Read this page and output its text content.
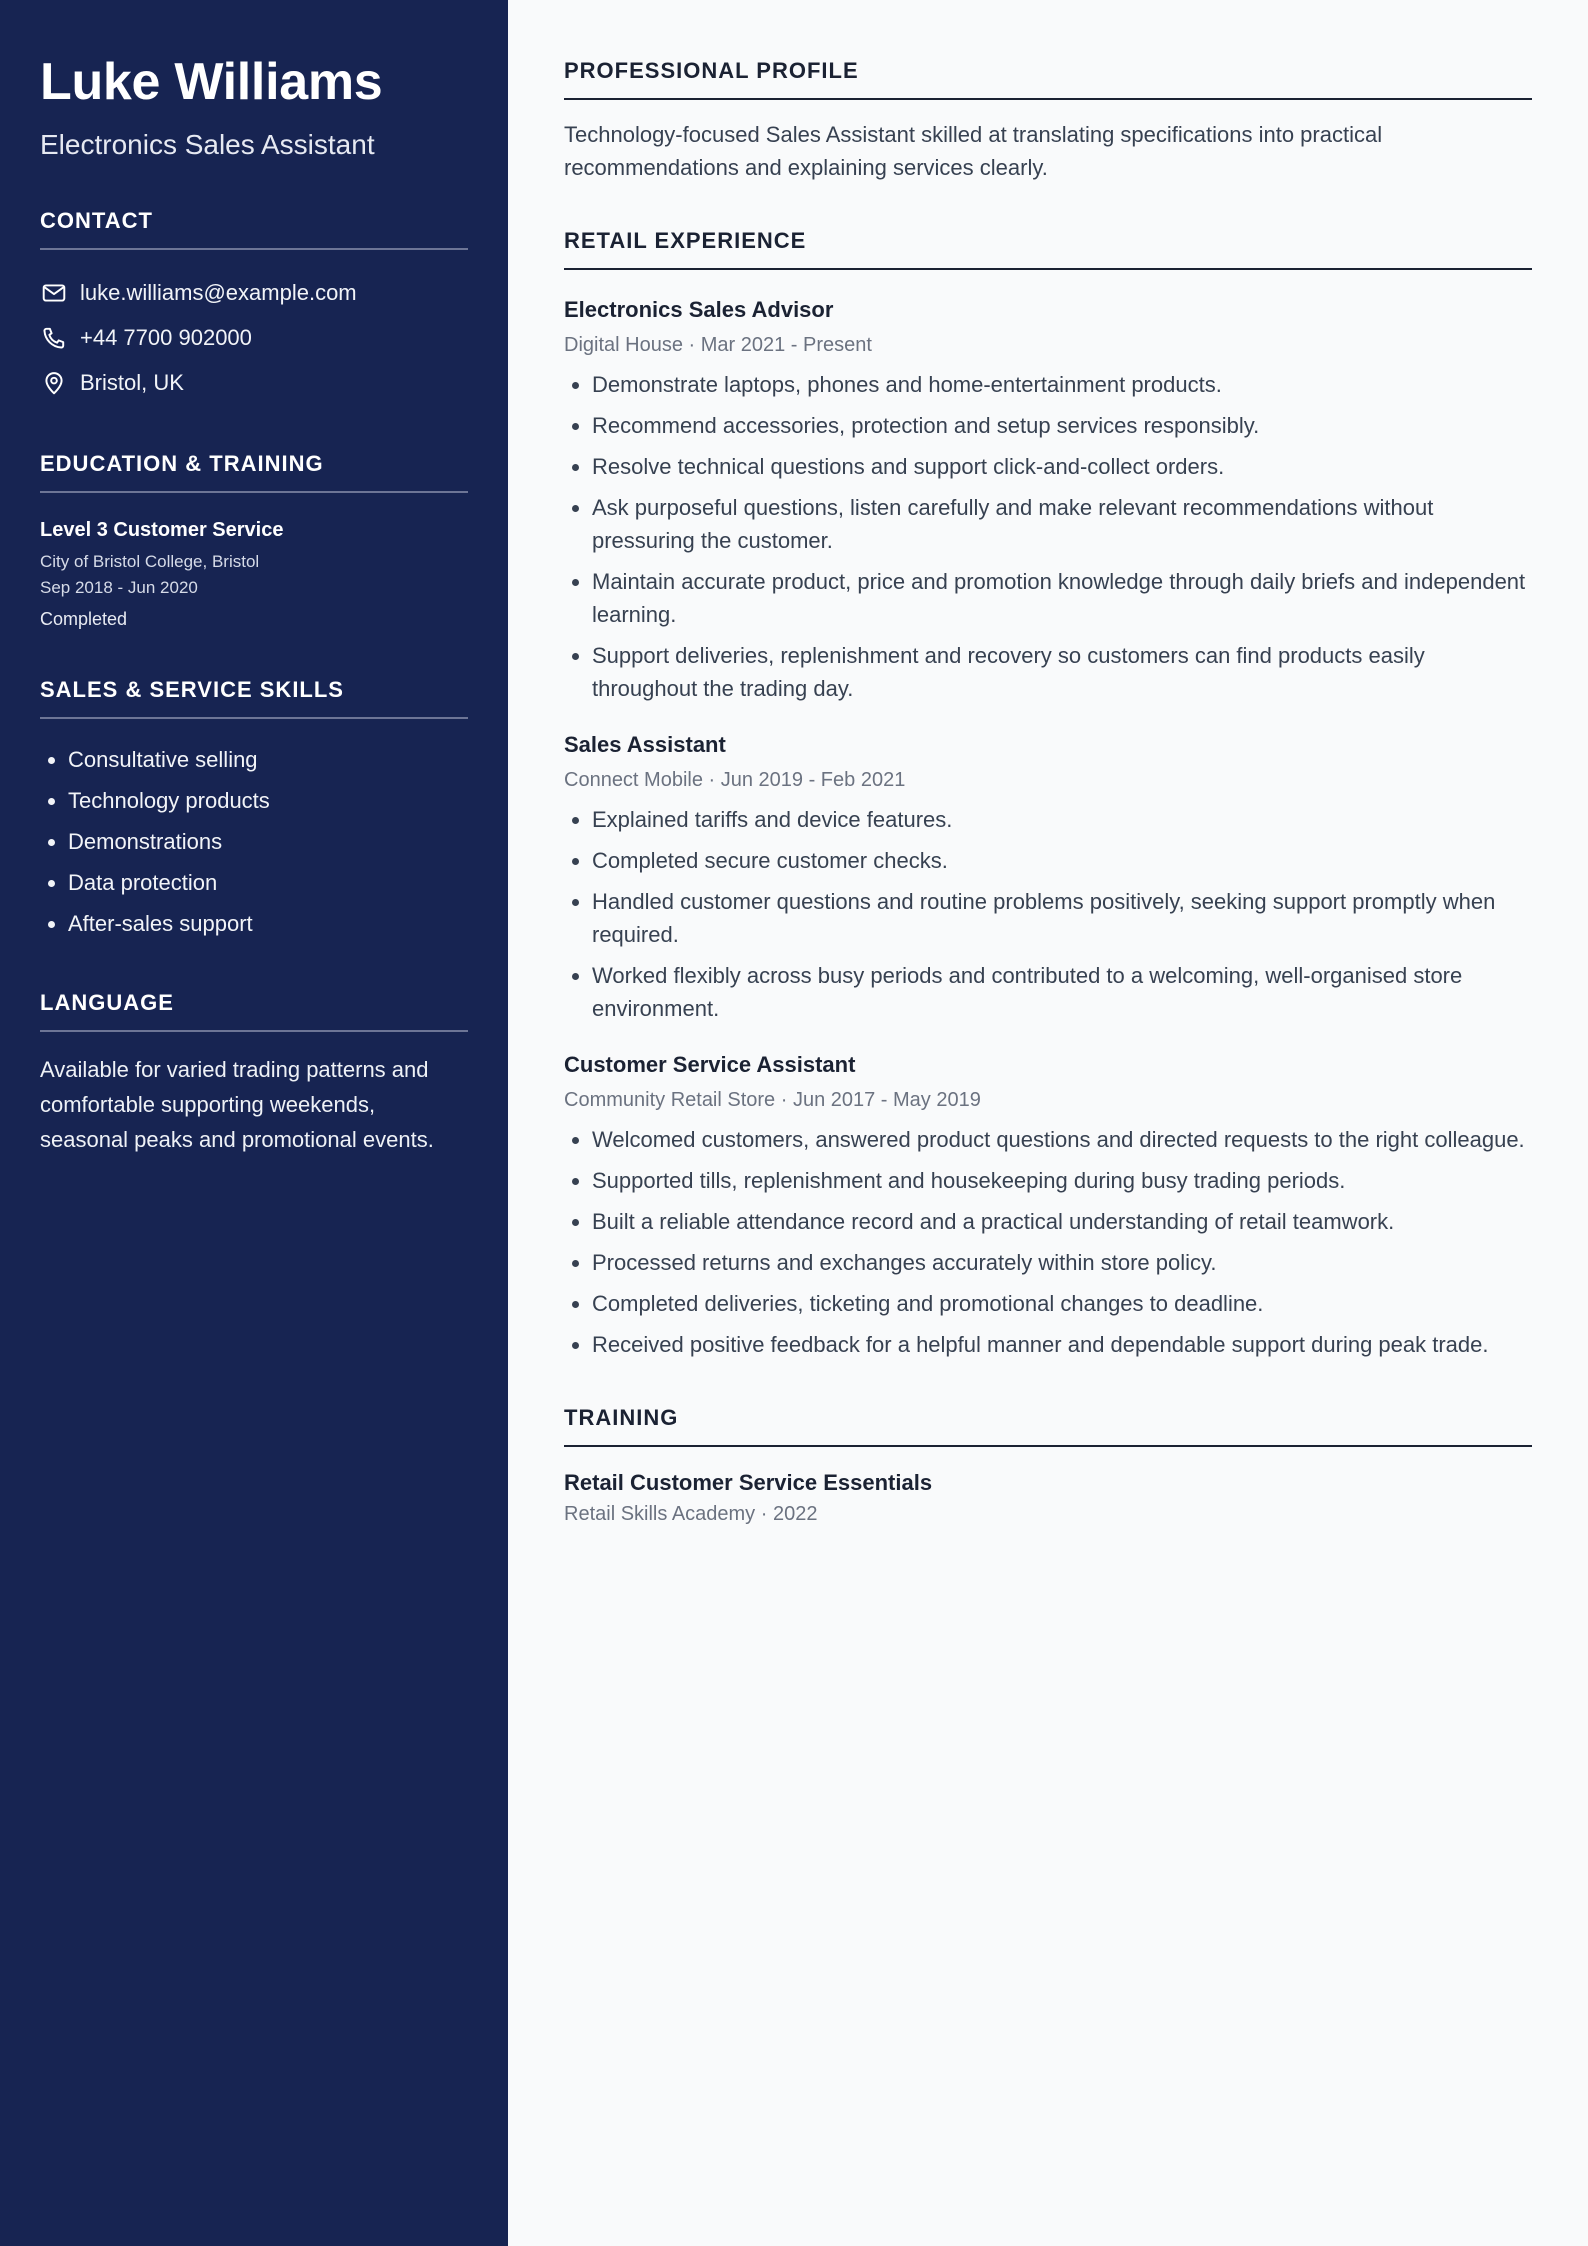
Luke Williams

Electronics Sales Assistant

CONTACT
luke.williams@example.com
+44 7700 902000
Bristol, UK
EDUCATION & TRAINING

Level 3 Customer Service

City of Bristol College, Bristol
Sep 2018 - Jun 2020

Completed

SALES & SERVICE SKILLS
• Consultative selling
• Technology products
• Demonstrations
• Data protection
• After-sales support
LANGUAGE

Available for varied trading patterns and comfortable supporting weekends, seasonal peaks and promotional events.

PROFESSIONAL PROFILE

Technology-focused Sales Assistant skilled at translating specifications into practical recommendations and explaining services clearly.

RETAIL EXPERIENCE

Electronics Sales Advisor

Digital House · Mar 2021 - Present

• Demonstrate laptops, phones and home-entertainment products.
• Recommend accessories, protection and setup services responsibly.
• Resolve technical questions and support click-and-collect orders.
• Ask purposeful questions, listen carefully and make relevant recommendations without pressuring the customer.
• Maintain accurate product, price and promotion knowledge through daily briefs and independent learning.
• Support deliveries, replenishment and recovery so customers can find products easily throughout the trading day.

Sales Assistant

Connect Mobile · Jun 2019 - Feb 2021

• Explained tariffs and device features.
• Completed secure customer checks.
• Handled customer questions and routine problems positively, seeking support promptly when required.
• Worked flexibly across busy periods and contributed to a welcoming, well-organised store environment.

Customer Service Assistant

Community Retail Store · Jun 2017 - May 2019

• Welcomed customers, answered product questions and directed requests to the right colleague.
• Supported tills, replenishment and housekeeping during busy trading periods.
• Built a reliable attendance record and a practical understanding of retail teamwork.
• Processed returns and exchanges accurately within store policy.
• Completed deliveries, ticketing and promotional changes to deadline.
• Received positive feedback for a helpful manner and dependable support during peak trade.
TRAINING

Retail Customer Service Essentials

Retail Skills Academy · 2022
